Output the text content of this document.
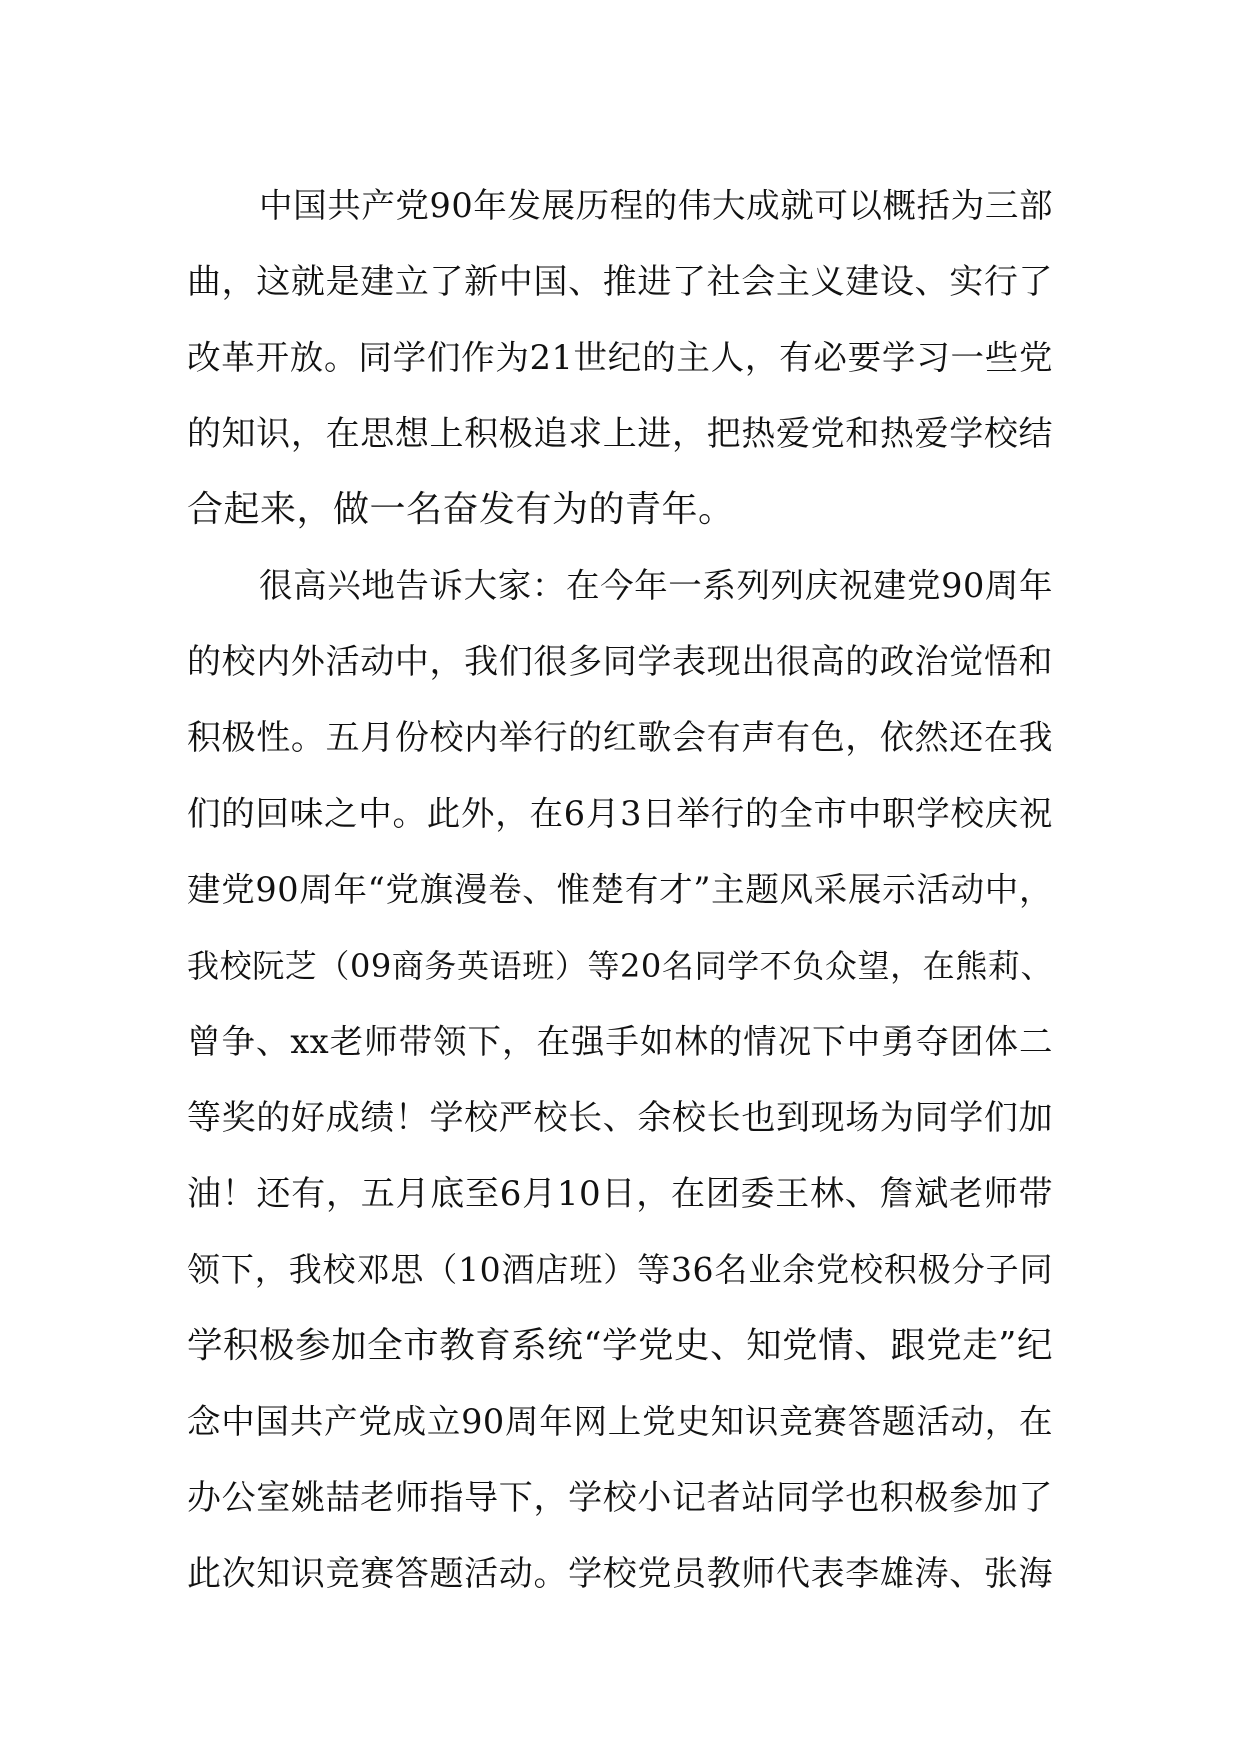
中国共产党90年发展历程的伟大成就可以概括为三部
曲，这就是建立了新中国、推进了社会主义建设、实行了
改革开放。同学们作为21世纪的主人，有必要学习一些党
的知识，在思想上积极追求上进，把热爱党和热爱学校结
合起来，做一名奋发有为的青年。
很高兴地告诉大家：在今年一系列列庆祝建党90周年
的校内外活动中，我们很多同学表现出很高的政治觉悟和
积极性。五月份校内举行的红歌会有声有色，依然还在我
们的回味之中。此外，在6月3日举行的全市中职学校庆祝
建党90周年“党旗漫卷、惟楚有才”主题风采展示活动中，
我校阮芝（09商务英语班）等20名同学不负众望，在熊莉、
曾争、xx老师带领下，在强手如林的情况下中勇夺团体二
等奖的好成绩！学校严校长、余校长也到现场为同学们加
油！还有，五月底至6月10日，在团委王林、詹斌老师带
领下，我校邓思（10酒店班）等36名业余党校积极分子同
学积极参加全市教育系统“学党史、知党情、跟党走”纪
念中国共产党成立90周年网上党史知识竞赛答题活动，在
办公室姚喆老师指导下，学校小记者站同学也积极参加了
此次知识竞赛答题活动。学校党员教师代表李雄涛、张海
